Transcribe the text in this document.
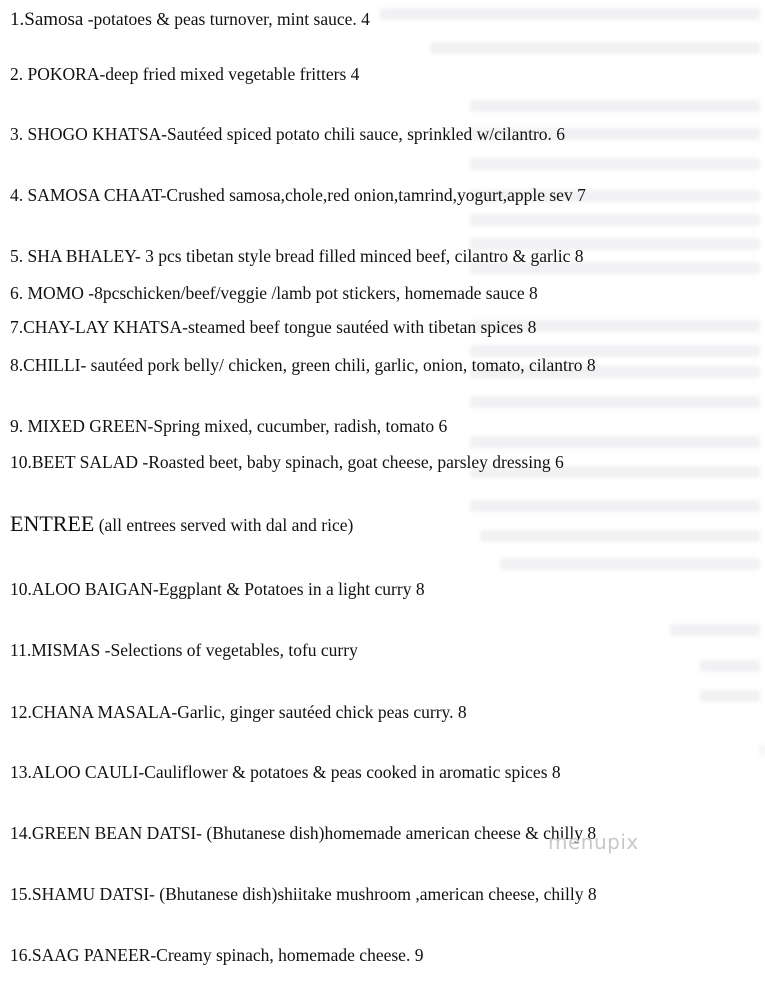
1.Samosa -potatoes & peas turnover, mint sauce. 4
2. POKORA-deep fried mixed vegetable fritters 4
3. SHOGO KHATSA-Sautéed spiced potato chili sauce, sprinkled w/cilantro. 6
4. SAMOSA CHAAT-Crushed samosa,chole,red onion,tamrind,yogurt,apple sev 7
5. SHA BHALEY- 3 pcs tibetan style bread filled minced beef, cilantro & garlic 8
6. MOMO -8pcschicken/beef/veggie /lamb pot stickers, homemade sauce 8
7.CHAY-LAY KHATSA-steamed beef tongue sautéed with tibetan spices 8
8.CHILLI- sautéed pork belly/ chicken, green chili, garlic, onion, tomato, cilantro 8
9. MIXED GREEN-Spring mixed, cucumber, radish, tomato 6
10.BEET SALAD -Roasted beet, baby spinach, goat cheese, parsley dressing 6
ENTREE (all entrees served with dal and rice)
10.ALOO BAIGAN-Eggplant & Potatoes in a light curry 8
11.MISMAS -Selections of vegetables, tofu curry
12.CHANA MASALA-Garlic, ginger sautéed chick peas curry. 8
13.ALOO CAULI-Cauliflower & potatoes & peas cooked in aromatic spices 8
14.GREEN BEAN DATSI- (Bhutanese dish)homemade american cheese & chilly 8
15.SHAMU DATSI- (Bhutanese dish)shiitake mushroom ,american cheese, chilly 8
16.SAAG PANEER-Creamy spinach, homemade cheese. 9
menupix
